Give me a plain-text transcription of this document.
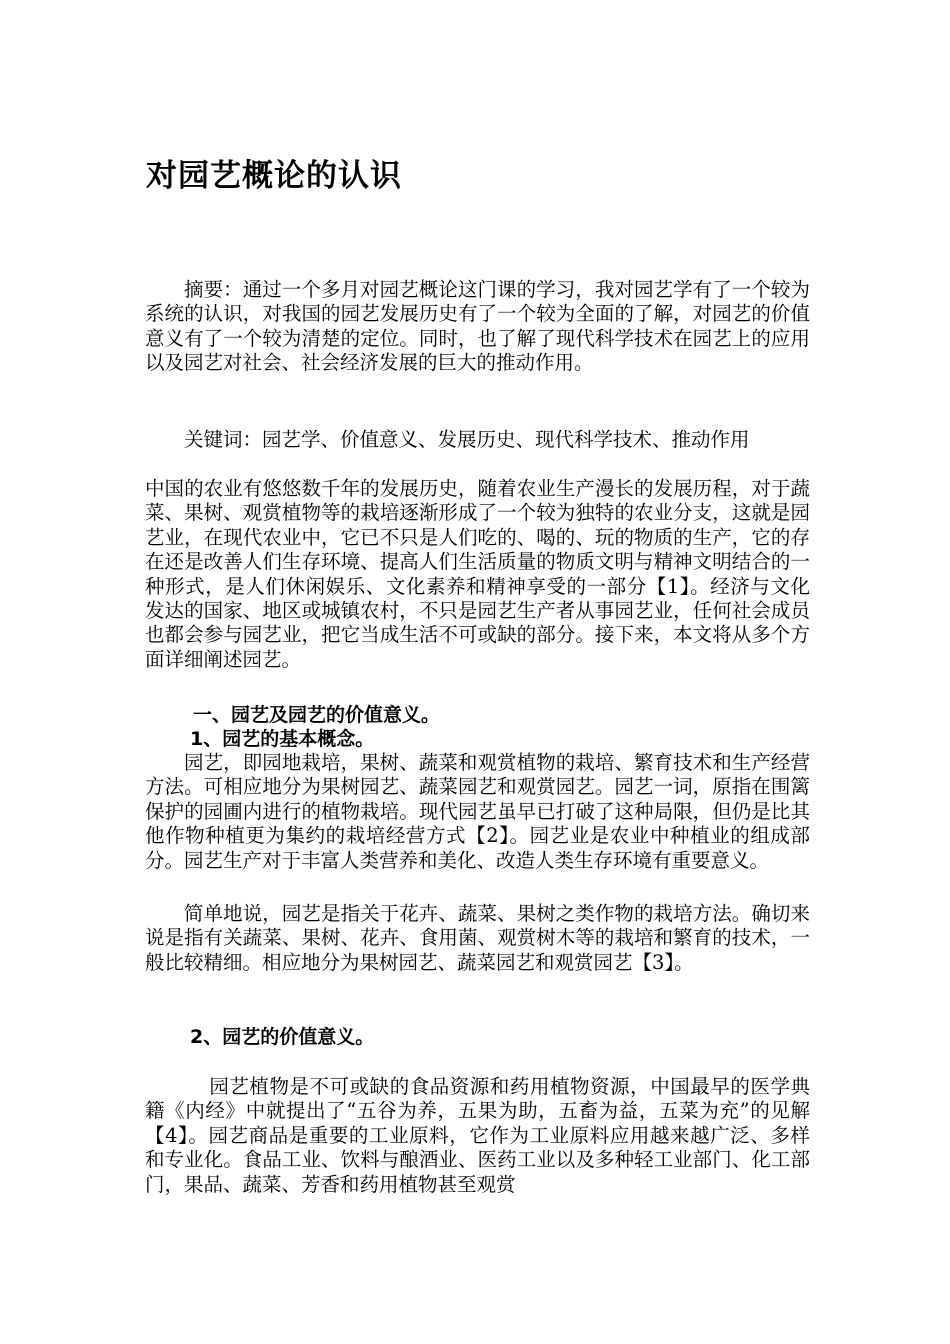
对园艺概论的认识
摘要：通过一个多月对园艺概论这门课的学习，我对园艺学有了一个较为系统的认识，对我国的园艺发展历史有了一个较为全面的了解，对园艺的价值意义有了一个较为清楚的定位。同时，也了解了现代科学技术在园艺上的应用以及园艺对社会、社会经济发展的巨大的推动作用。
关键词：园艺学、价值意义、发展历史、现代科学技术、推动作用
中国的农业有悠悠数千年的发展历史，随着农业生产漫长的发展历程，对于蔬菜、果树、观赏植物等的栽培逐渐形成了一个较为独特的农业分支，这就是园艺业，在现代农业中，它已不只是人们吃的、喝的、玩的物质的生产，它的存在还是改善人们生存环境、提高人们生活质量的物质文明与精神文明结合的一种形式，是人们休闲娱乐、文化素养和精神享受的一部分【1】。经济与文化发达的国家、地区或城镇农村，不只是园艺生产者从事园艺业，任何社会成员也都会参与园艺业，把它当成生活不可或缺的部分。接下来，本文将从多个方面详细阐述园艺。
一、园艺及园艺的价值意义。
1、园艺的基本概念。
园艺，即园地栽培，果树、蔬菜和观赏植物的栽培、繁育技术和生产经营方法。可相应地分为果树园艺、蔬菜园艺和观赏园艺。园艺一词，原指在围篱保护的园圃内进行的植物栽培。现代园艺虽早已打破了这种局限，但仍是比其他作物种植更为集约的栽培经营方式【2】。园艺业是农业中种植业的组成部分。园艺生产对于丰富人类营养和美化、改造人类生存环境有重要意义。
简单地说，园艺是指关于花卉、蔬菜、果树之类作物的栽培方法。确切来说是指有关蔬菜、果树、花卉、食用菌、观赏树木等的栽培和繁育的技术，一般比较精细。相应地分为果树园艺、蔬菜园艺和观赏园艺【3】。
2、园艺的价值意义。
园艺植物是不可或缺的食品资源和药用植物资源，中国最早的医学典籍《内经》中就提出了“五谷为养，五果为助，五畜为益，五菜为充”的见解【4】。园艺商品是重要的工业原料，它作为工业原料应用越来越广泛、多样和专业化。食品工业、饮料与酿酒业、医药工业以及多种轻工业部门、化工部门，果品、蔬菜、芳香和药用植物甚至观赏
